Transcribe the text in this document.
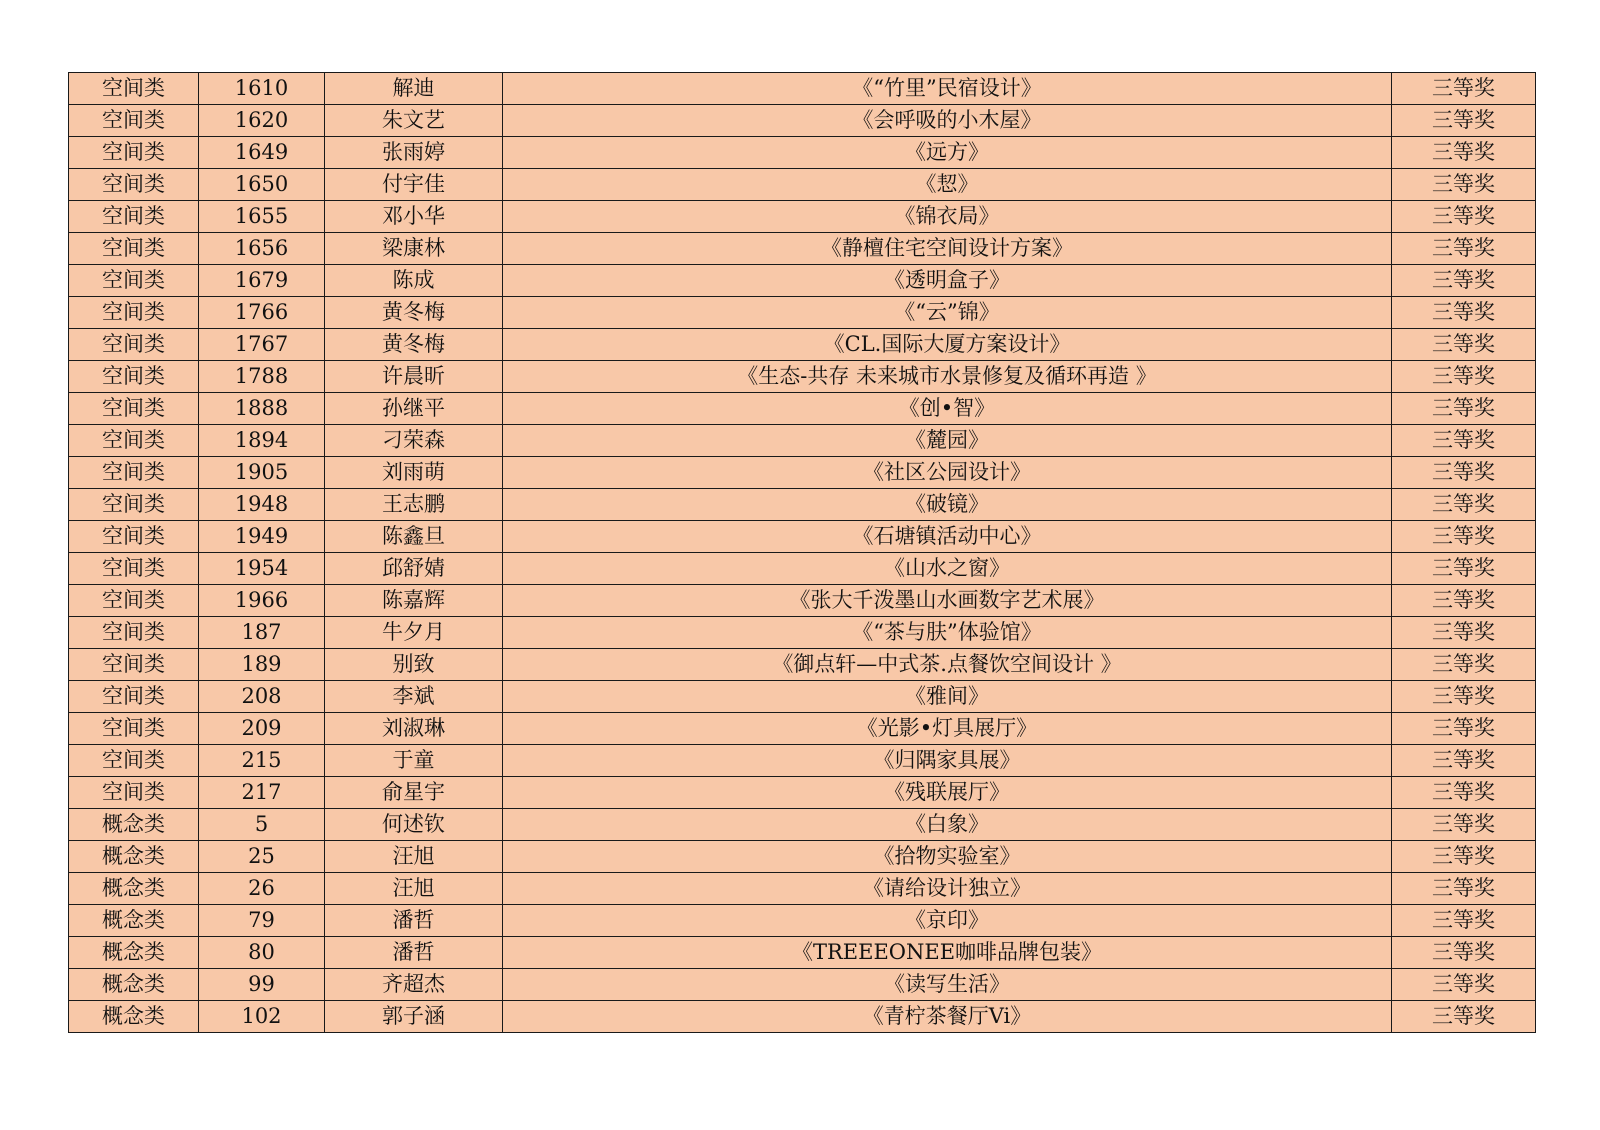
空间类	1610	解迪	《“竹里”民宿设计》	三等奖
空间类	1620	朱文艺	《会呼吸的小木屋》	三等奖
空间类	1649	张雨婷	《远方》	三等奖
空间类	1650	付宇佳	《恝》	三等奖
空间类	1655	邓小华	《锦衣局》	三等奖
空间类	1656	梁康林	《静檀住宅空间设计方案》	三等奖
空间类	1679	陈成	《透明盒子》	三等奖
空间类	1766	黄冬梅	《“云”锦》	三等奖
空间类	1767	黄冬梅	《CL.国际大厦方案设计》	三等奖
空间类	1788	许晨昕	《生态-共存 未来城市水景修复及循环再造 》	三等奖
空间类	1888	孙继平	《创•智》	三等奖
空间类	1894	刁荣森	《麓园》	三等奖
空间类	1905	刘雨萌	《社区公园设计》	三等奖
空间类	1948	王志鹏	《破镜》	三等奖
空间类	1949	陈鑫旦	《石塘镇活动中心》	三等奖
空间类	1954	邱舒婧	《山水之窗》	三等奖
空间类	1966	陈嘉辉	《张大千泼墨山水画数字艺术展》	三等奖
空间类	187	牛夕月	《“茶与肤”体验馆》	三等奖
空间类	189	别致	《御点轩—中式茶.点餐饮空间设计 》	三等奖
空间类	208	李斌	《雅间》	三等奖
空间类	209	刘淑琳	《光影•灯具展厅》	三等奖
空间类	215	于童	《归隅家具展》	三等奖
空间类	217	俞星宇	《残联展厅》	三等奖
概念类	5	何述钦	《白象》	三等奖
概念类	25	汪旭	《拾物实验室》	三等奖
概念类	26	汪旭	《请给设计独立》	三等奖
概念类	79	潘哲	《京印》	三等奖
概念类	80	潘哲	《TREEEONEE咖啡品牌包装》	三等奖
概念类	99	齐超杰	《读写生活》	三等奖
概念类	102	郭子涵	《青柠茶餐厅Vi》	三等奖
